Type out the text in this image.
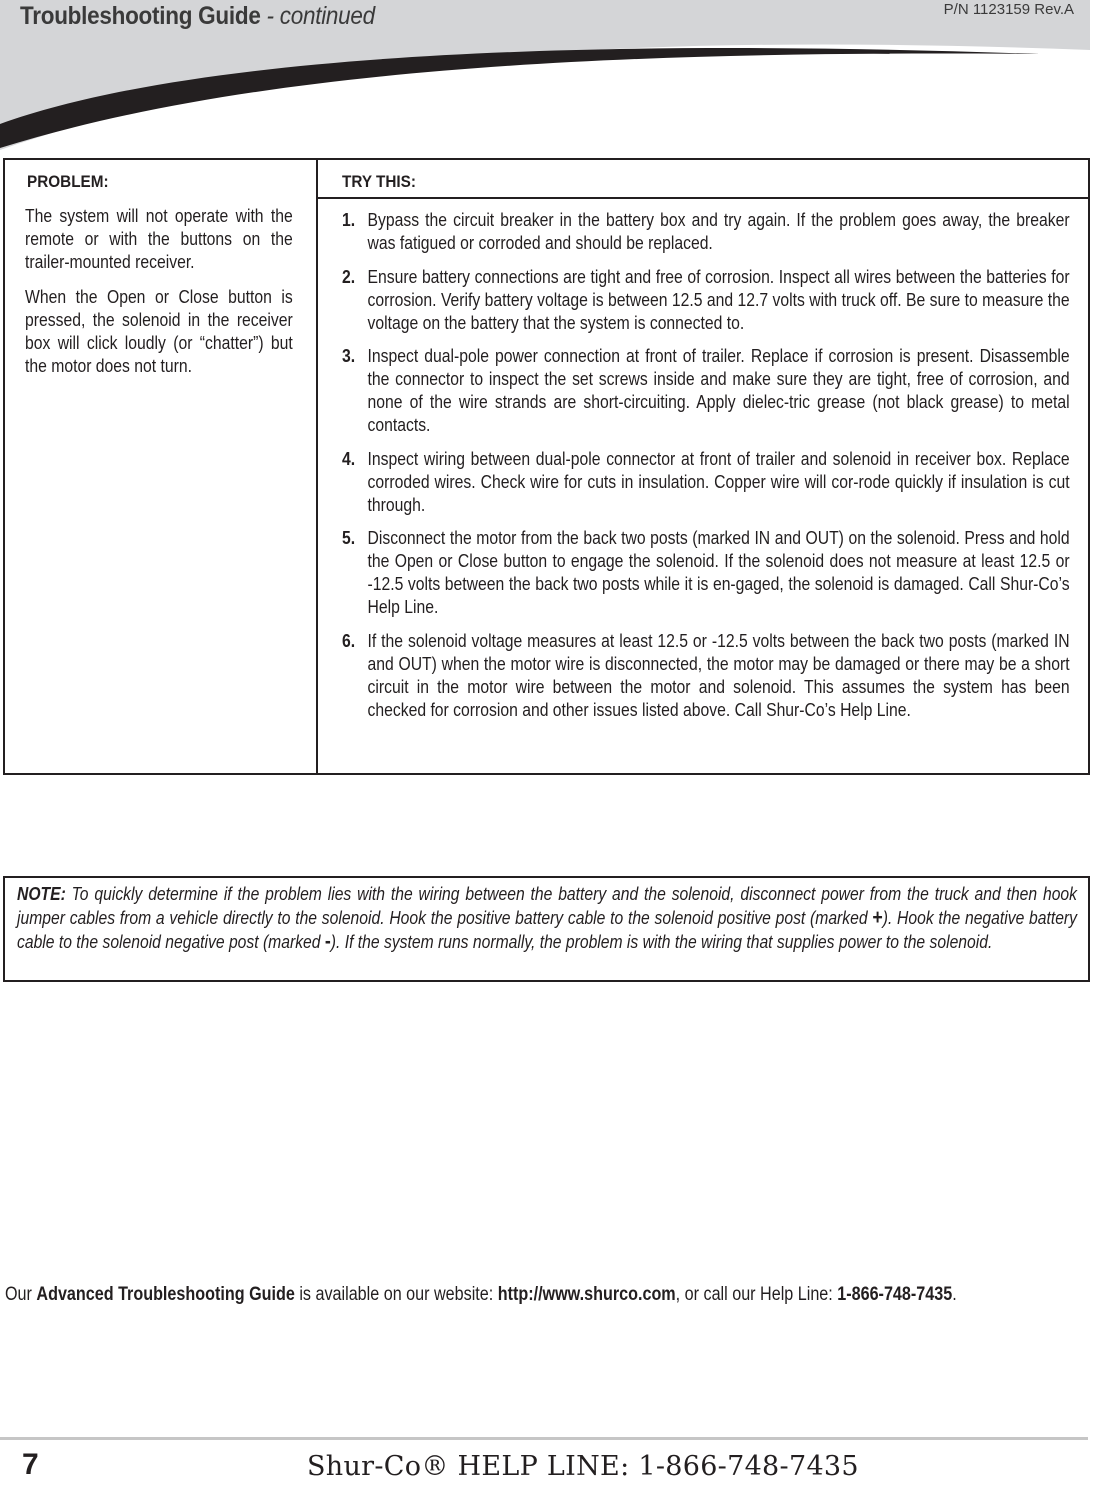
Troubleshooting Guide - continued	P/N 1123159 Rev.A
PROBLEM:	TRY THIS:

The system will not operate with the remote or with the buttons on the trailer-mounted receiver.

When the Open or Close button is pressed, the solenoid in the receiver box will click loudly (or “chatter”) but the motor does not turn.

1. Bypass the circuit breaker in the battery box and try again. If the problem goes away, the breaker was fatigued or corroded and should be replaced.
2. Ensure battery connections are tight and free of corrosion. Inspect all wires between the batteries for corrosion. Verify battery voltage is between 12.5 and 12.7 volts with truck off. Be sure to measure the voltage on the battery that the system is connected to.
3. Inspect dual-pole power connection at front of trailer. Replace if corrosion is present. Disassemble the connector to inspect the set screws inside and make sure they are tight, free of corrosion, and none of the wire strands are short-circuiting. Apply dielec-tric grease (not black grease) to metal contacts.
4. Inspect wiring between dual-pole connector at front of trailer and solenoid in receiver box. Replace corroded wires. Check wire for cuts in insulation. Copper wire will cor-rode quickly if insulation is cut through.
5. Disconnect the motor from the back two posts (marked IN and OUT) on the solenoid. Press and hold the Open or Close button to engage the solenoid. If the solenoid does not measure at least 12.5 or -12.5 volts between the back two posts while it is en-gaged, the solenoid is damaged. Call Shur-Co’s Help Line.
6. If the solenoid voltage measures at least 12.5 or -12.5 volts between the back two posts (marked IN and OUT) when the motor wire is disconnected, the motor may be damaged or there may be a short circuit in the motor wire between the motor and solenoid. This assumes the system has been checked for corrosion and other issues listed above. Call Shur-Co’s Help Line.
NOTE: To quickly determine if the problem lies with the wiring between the battery and the solenoid, disconnect power from the truck and then hook jumper cables from a vehicle directly to the solenoid. Hook the positive battery cable to the solenoid positive post (marked +). Hook the negative battery cable to the solenoid negative post (marked -). If the system runs normally, the problem is with the wiring that supplies power to the solenoid.
Our Advanced Troubleshooting Guide is available on our website: http://www.shurco.com, or call our Help Line: 1-866-748-7435.
7	Shur-Co® HELP LINE: 1-866-748-7435
